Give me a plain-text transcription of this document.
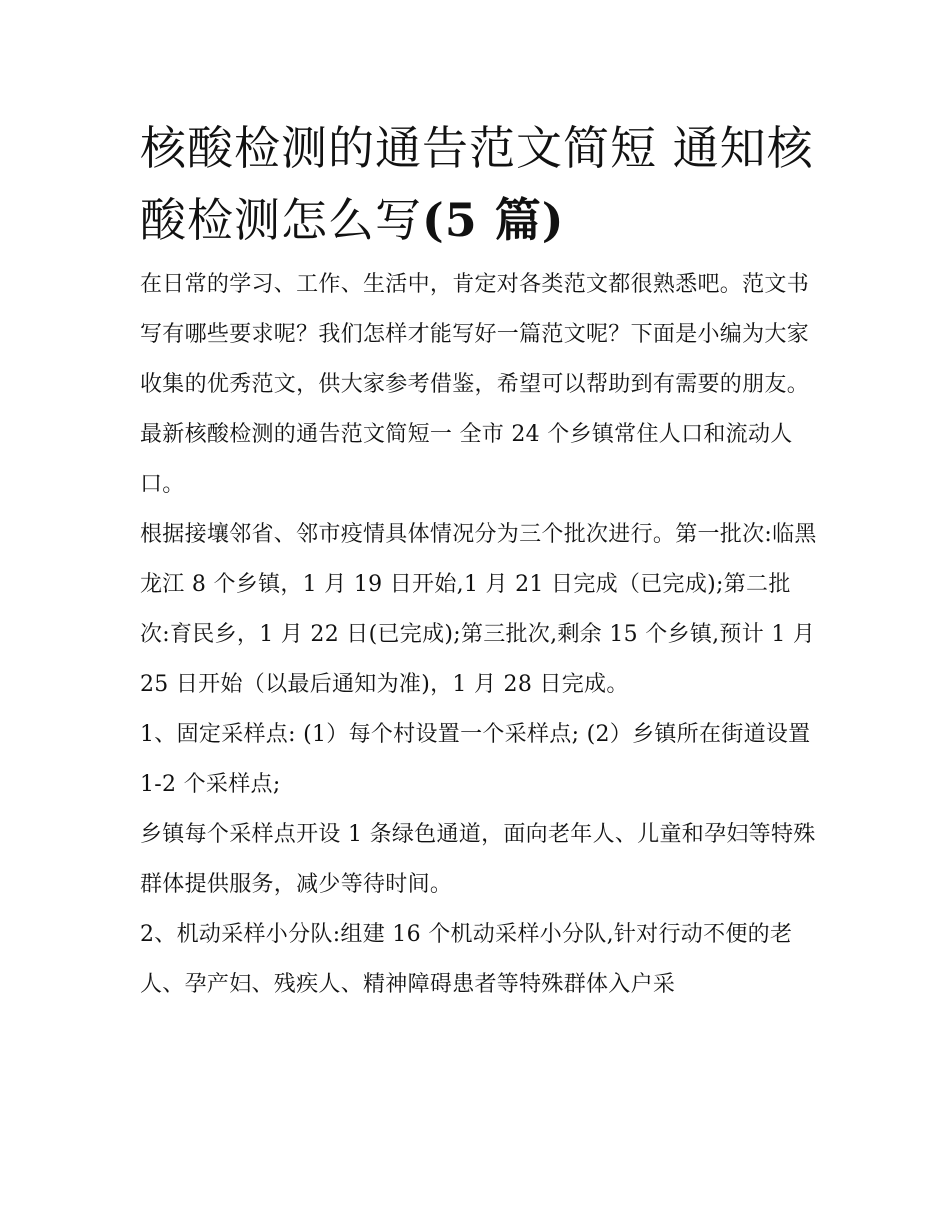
核酸检测的通告范文简短 通知核酸检测怎么写(5 篇)

在日常的学习、工作、生活中，肯定对各类范文都很熟悉吧。范文书写有哪些要求呢？我们怎样才能写好一篇范文呢？下面是小编为大家收集的优秀范文，供大家参考借鉴，希望可以帮助到有需要的朋友。

最新核酸检测的通告范文简短一 全市 24 个乡镇常住人口和流动人口。

根据接壤邻省、邻市疫情具体情况分为三个批次进行。第一批次:临黑龙江 8 个乡镇，1 月 19 日开始,1 月 21 日完成（已完成);第二批次:育民乡，1 月 22 日(已完成);第三批次,剩余 15 个乡镇,预计 1 月 25 日开始（以最后通知为准)，1 月 28 日完成。

1、固定采样点: (1）每个村设置一个采样点; (2）乡镇所在街道设置 1-2 个采样点;

乡镇每个采样点开设 1 条绿色通道，面向老年人、儿童和孕妇等特殊群体提供服务，减少等待时间。

2、机动采样小分队:组建 16 个机动采样小分队,针对行动不便的老人、孕产妇、残疾人、精神障碍患者等特殊群体入户采
